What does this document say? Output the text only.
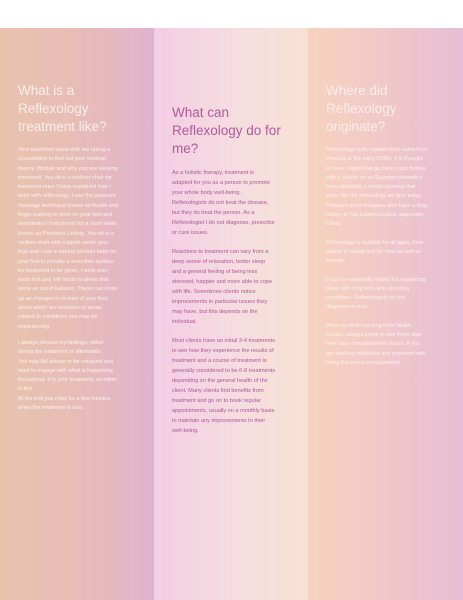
What is a
Reflexology
treatment like?

Your treatment starts with me taking a
consultation to find out your medical
history, lifestyle and why you are seeking
treatment. You sit in a recliner chair for
treatment once I have explained how I
work with reflexology. I use the pressure
massage technique known as thumb and
finger walking to work on your feet and
sometimes I hold points for a short while,
known as Precision Linking. You sit in a
recliner chair with support under your
legs and I use a natural product balm on
your feet to provide a smoother surface
for treatment to be given. I work over
each foot and will return to areas that
show as out of balance. These can show
up as changes in texture of your feet,
areas which are sensitive or areas
related to conditions you may be
experiencing.

I always discuss my findings, either
during the treatment or afterwards.
You may fall asleep or be congued and
want to engage with what is happening
throughout. It is your treatment, as either
is fine.
At the end you relax for a few minutes
when the treatment is over.

What can
Reflexology do for
me?

As a holistic therapy, treatment is
adapted for you as a person to promote
your whole body well-being.
Reflexologists do not treat the disease,
but they do treat the person. As a
Reflexologist I do not diagnose, prescribe
or cure issues.

Reactions to treatment can vary from a
deep sense of relaxation, better sleep
and a general feeling of being less
stressed, happier and more able to cope
with life. Sometimes clients notice
improvements in particular issues they
may have, but this depends on the
individual.

Most clients have an initial 3-4 treatments
to see how they experience the results of
treatment and a course of treatment is
generally considered to be 6-8 treatments
depending on the general health of the
client. Many clients find benefits from
treatment and go on to book regular
appointments, usually on a monthly basis
to maintain any improvements to their
well-being.

Where did
Reflexology
originate?

Reflexology in its modern form came from
America in the early 1900s. It is thought
to have origins that go back much further
with a picture on an Egyptian pharoah's
tomb depicting a similar process that
looks like the reflexology we give today.
Pressure point therapies also have a long
history in Far Eastern culture, especially
China.

Reflexology is suitable for all ages, from
babies to adults and for men as well as
women.

It can be especially helpful for supporting
those with long term and recurring
conditions. Reflexologists do not
diagnose or cure.

When a client has long term health
issues I always prefer to see them after
they have consulted their doctor. If you
are seeking relaxation and improved well
being this is not a requirement.
